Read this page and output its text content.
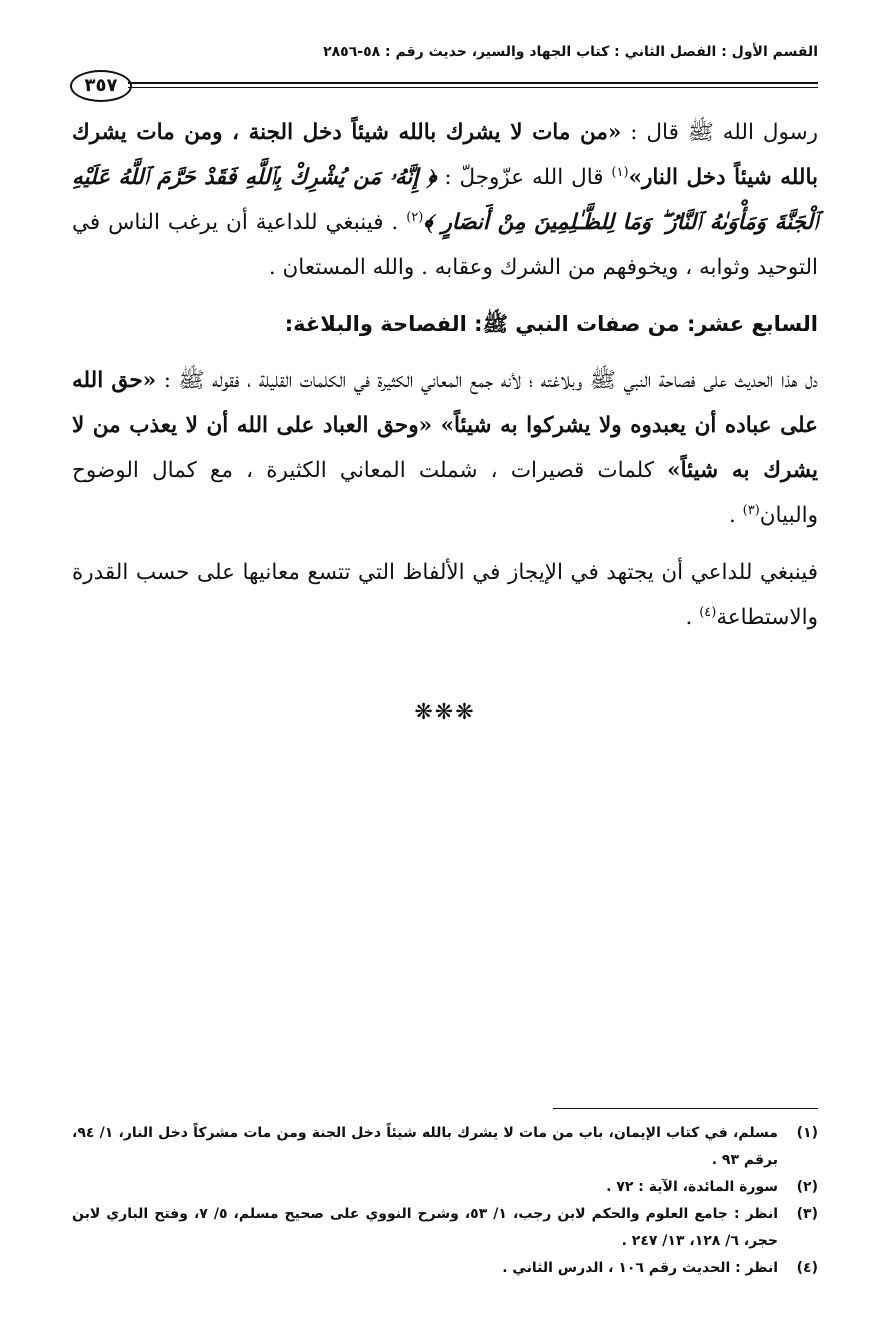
القسم الأول : الفصل الثاني : كتاب الجهاد والسير، حديث رقم : ٥٨-٢٨٥٦
٣٥٧

رسول الله ﷺ قال : «من مات لا يشرك بالله شيئاً دخل الجنة ، ومن مات يشرك بالله شيئاً دخل النار»$^{(١)}$ قال الله عزّوجلّ : ﴿ إِنَّهُۥ مَن يُشْرِكْ بِٱللَّهِ فَقَدْ حَرَّمَ ٱللَّهُ عَلَيْهِ ٱلْجَنَّةَ وَمَأْوَىٰهُ ٱلنَّارُ ۖ وَمَا لِلظَّـٰلِمِينَ مِنْ أَنصَارٍ ﴾$^{(٢)}$ . فينبغي للداعية أن يرغب الناس في التوحيد وثوابه ، ويخوفهم من الشرك وعقابه . والله المستعان .

السابع عشر: من صفات النبي ﷺ: الفصاحة والبلاغة:

دل هذا الحديث على فصاحة النبي ﷺ وبلاغته ؛ لأنه جمع المعاني الكثيرة في الكلمات القليلة ، فقوله ﷺ : «حق الله على عباده أن يعبدوه ولا يشركوا به شيئاً» «وحق العباد على الله أن لا يعذب من لا يشرك به شيئاً» كلمات قصيرات ، شملت المعاني الكثيرة ، مع كمال الوضوح والبيان$^{(٣)}$ .

فينبغي للداعي أن يجتهد في الإيجاز في الألفاظ التي تتسع معانيها على حسب القدرة والاستطاعة$^{(٤)}$ .

❋❋❋
(١)
مسلم، في كتاب الإيمان، باب من مات لا يشرك بالله شيئاً دخل الجنة ومن مات مشركاً دخل النار، ١/ ٩٤، برقم ٩٣ .
(٢)
سورة المائدة، الآية : ٧٢ .
(٣)
انظر : جامع العلوم والحكم لابن رجب، ١/ ٥٣، وشرح النووي على صحيح مسلم، ٥/ ٧، وفتح الباري لابن حجر، ٦/ ١٢٨، ١٣/ ٢٤٧ .
(٤)
انظر : الحديث رقم ١٠٦ ، الدرس الثاني .
